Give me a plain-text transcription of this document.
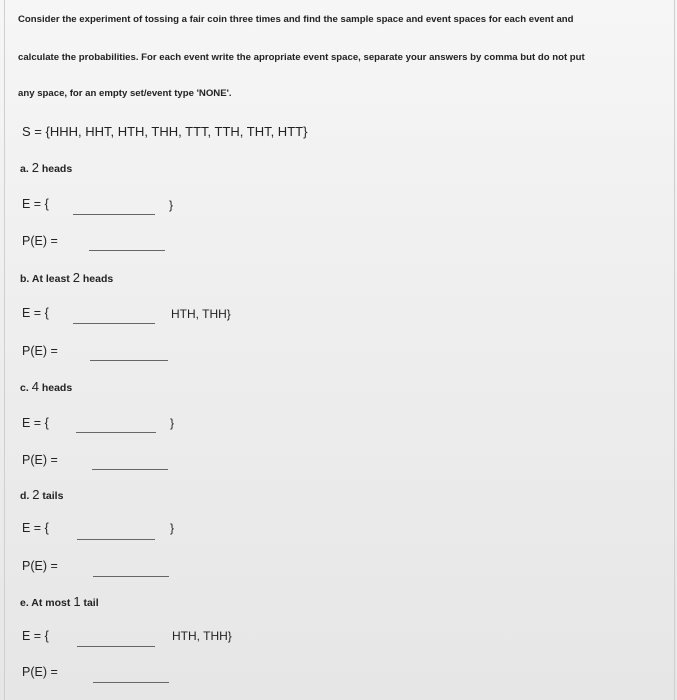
Consider the experiment of tossing a fair coin three times and find the sample space and event spaces for each event and
calculate the probabilities. For each event write the apropriate event space, separate your answers by comma but do not put
any space, for an empty set/event type 'NONE'.
S = {HHH, HHT, HTH, THH, TTT, TTH, THT, HTT}
a. 2 heads
E = {	}
P(E) =
b. At least 2 heads
E = {	HTH, THH}
P(E) =
c. 4 heads
E = {	}
P(E) =
d. 2 tails
E = {	}
P(E) =
e. At most 1 tail
E = {	HTH, THH}
P(E) =
